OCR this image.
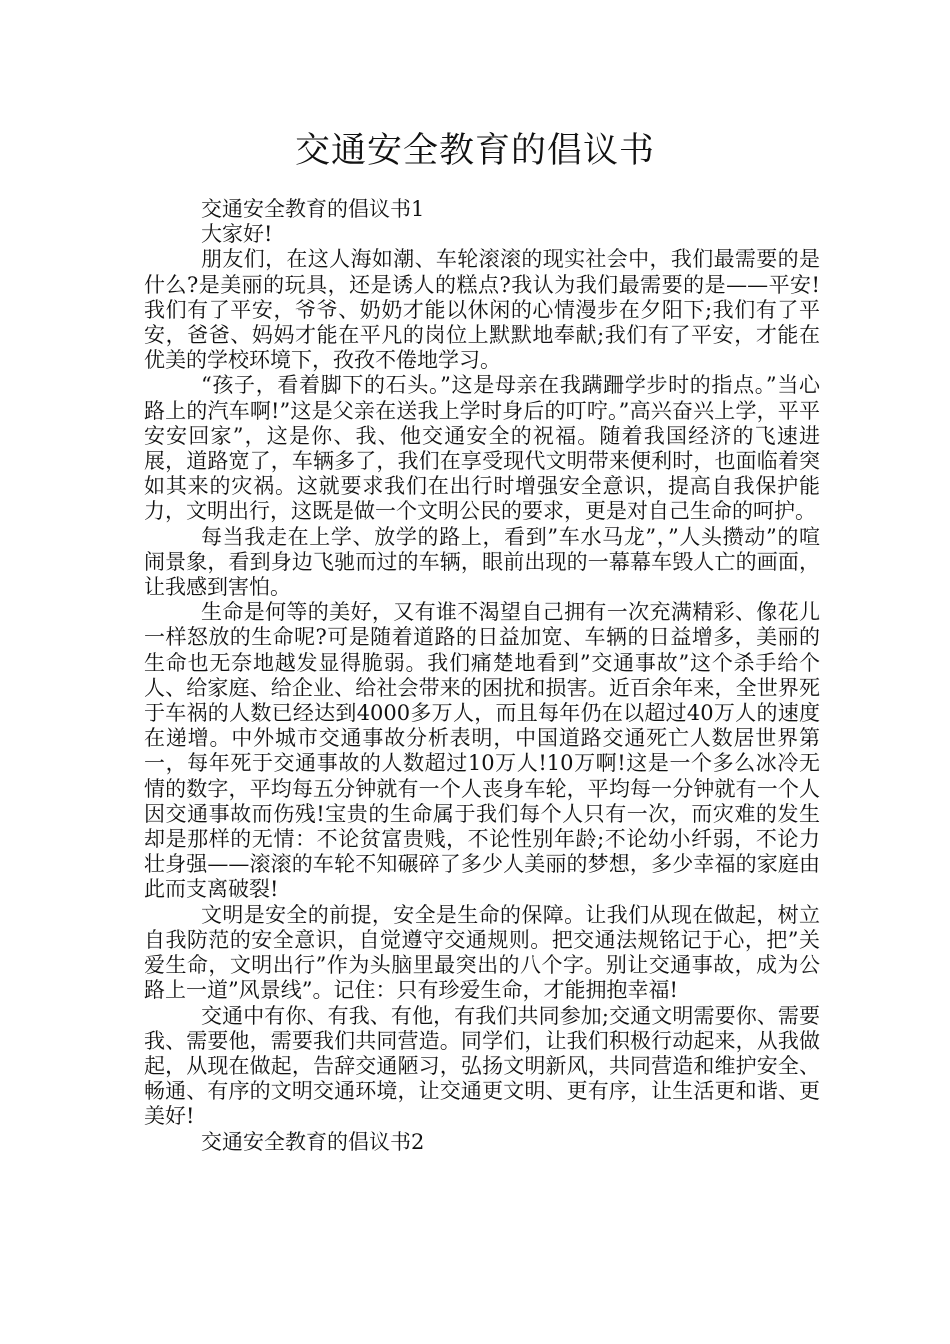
交通安全教育的倡议书

交通安全教育的倡议书1

大家好!

朋友们，在这人海如潮、车轮滚滚的现实社会中，我们最需要的是什么?是美丽的玩具，还是诱人的糕点?我认为我们最需要的是——平安!我们有了平安，爷爷、奶奶才能以休闲的心情漫步在夕阳下;我们有了平安，爸爸、妈妈才能在平凡的岗位上默默地奉献;我们有了平安，才能在优美的学校环境下，孜孜不倦地学习。

“孩子，看着脚下的石头。”这是母亲在我蹒跚学步时的指点。”当心路上的汽车啊!”这是父亲在送我上学时身后的叮咛。”高兴奋兴上学，平平安安回家”，这是你、我、他交通安全的祝福。随着我国经济的飞速进展，道路宽了，车辆多了，我们在享受现代文明带来便利时，也面临着突如其来的灾祸。这就要求我们在出行时增强安全意识，提高自我保护能力，文明出行，这既是做一个文明公民的要求，更是对自己生命的呵护。

每当我走在上学、放学的路上，看到”车水马龙”，”人头攒动”的喧闹景象，看到身边飞驰而过的车辆，眼前出现的一幕幕车毁人亡的画面，让我感到害怕。

生命是何等的美好，又有谁不渴望自己拥有一次充满精彩、像花儿一样怒放的生命呢?可是随着道路的日益加宽、车辆的日益增多，美丽的生命也无奈地越发显得脆弱。我们痛楚地看到”交通事故”这个杀手给个人、给家庭、给企业、给社会带来的困扰和损害。近百余年来，全世界死于车祸的人数已经达到4000多万人，而且每年仍在以超过40万人的速度在递增。中外城市交通事故分析表明，中国道路交通死亡人数居世界第一，每年死于交通事故的人数超过10万人!10万啊!这是一个多么冰冷无情的数字，平均每五分钟就有一个人丧身车轮，平均每一分钟就有一个人因交通事故而伤残!宝贵的生命属于我们每个人只有一次，而灾难的发生却是那样的无情：不论贫富贵贱，不论性别年龄;不论幼小纤弱，不论力壮身强——滚滚的车轮不知碾碎了多少人美丽的梦想，多少幸福的家庭由此而支离破裂!

文明是安全的前提，安全是生命的保障。让我们从现在做起，树立自我防范的安全意识，自觉遵守交通规则。把交通法规铭记于心，把”关爱生命，文明出行”作为头脑里最突出的八个字。别让交通事故，成为公路上一道”风景线”。记住：只有珍爱生命，才能拥抱幸福!

交通中有你、有我、有他，有我们共同参加;交通文明需要你、需要我、需要他，需要我们共同营造。同学们，让我们积极行动起来，从我做起，从现在做起，告辞交通陋习，弘扬文明新风，共同营造和维护安全、畅通、有序的文明交通环境，让交通更文明、更有序，让生活更和谐、更美好!

交通安全教育的倡议书2
